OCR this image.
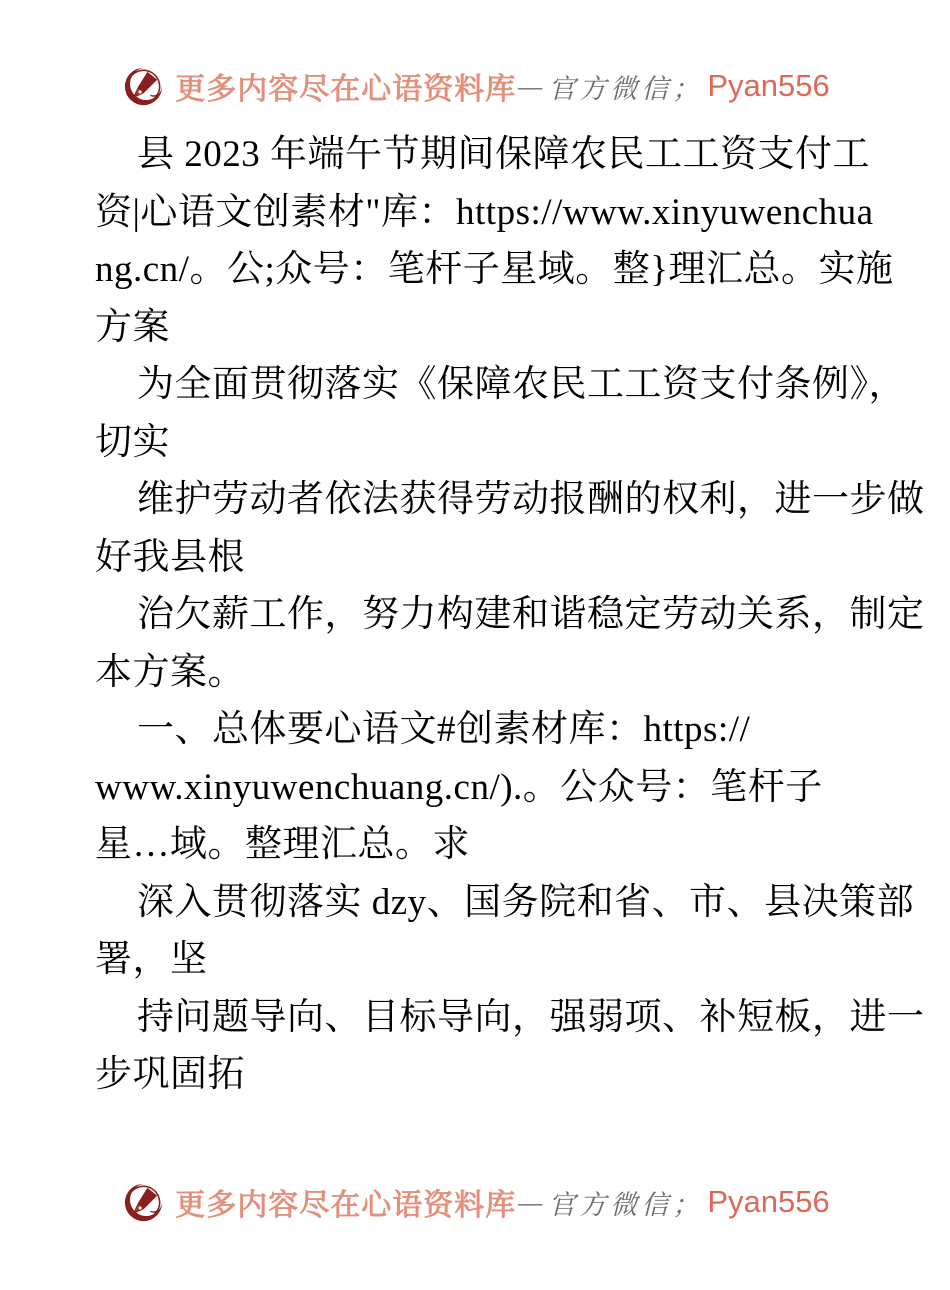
更多内容尽在心语资料库 — 官方微信； Pyan556
县 2023 年端午节期间保障农民工工资支付工
资|心语文创素材"库：https://www.xinyuwenchua
ng.cn/。公;众号：笔杆子星域。整}理汇总。实施
方案
为全面贯彻落实《保障农民工工资支付条例》，
切实
维护劳动者依法获得劳动报酬的权利，进一步做
好我县根
治欠薪工作，努力构建和谐稳定劳动关系，制定
本方案。
一、总体要心语文#创素材库：https://
www.xinyuwenchuang.cn/).。公众号：笔杆子
星…域。整理汇总。求
深入贯彻落实 dzy、国务院和省、市、县决策部
署，坚
持问题导向、目标导向，强弱项、补短板，进一
步巩固拓
更多内容尽在心语资料库 — 官方微信； Pyan556
